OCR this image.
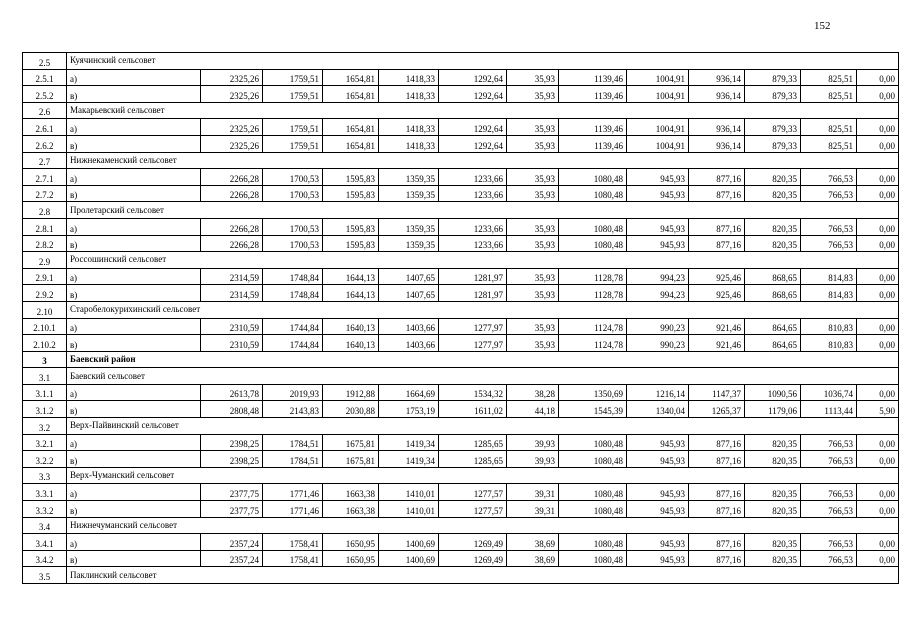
152
2.5	Куячинский сельсовет												
2.5.1	а)	2325,26	1759,51	1654,81	1418,33	1292,64	35,93	1139,46	1004,91	936,14	879,33	825,51	0,00
2.5.2	в)	2325,26	1759,51	1654,81	1418,33	1292,64	35,93	1139,46	1004,91	936,14	879,33	825,51	0,00
2.6	Макарьевский сельсовет												
2.6.1	а)	2325,26	1759,51	1654,81	1418,33	1292,64	35,93	1139,46	1004,91	936,14	879,33	825,51	0,00
2.6.2	в)	2325,26	1759,51	1654,81	1418,33	1292,64	35,93	1139,46	1004,91	936,14	879,33	825,51	0,00
2.7	Нижнекаменский сельсовет												
2.7.1	а)	2266,28	1700,53	1595,83	1359,35	1233,66	35,93	1080,48	945,93	877,16	820,35	766,53	0,00
2.7.2	в)	2266,28	1700,53	1595,83	1359,35	1233,66	35,93	1080,48	945,93	877,16	820,35	766,53	0,00
2.8	Пролетарский сельсовет												
2.8.1	а)	2266,28	1700,53	1595,83	1359,35	1233,66	35,93	1080,48	945,93	877,16	820,35	766,53	0,00
2.8.2	в)	2266,28	1700,53	1595,83	1359,35	1233,66	35,93	1080,48	945,93	877,16	820,35	766,53	0,00
2.9	Россошинский сельсовет												
2.9.1	а)	2314,59	1748,84	1644,13	1407,65	1281,97	35,93	1128,78	994,23	925,46	868,65	814,83	0,00
2.9.2	в)	2314,59	1748,84	1644,13	1407,65	1281,97	35,93	1128,78	994,23	925,46	868,65	814,83	0,00
2.10	Старобелокурихинский сельсовет												
2.10.1	а)	2310,59	1744,84	1640,13	1403,66	1277,97	35,93	1124,78	990,23	921,46	864,65	810,83	0,00
2.10.2	в)	2310,59	1744,84	1640,13	1403,66	1277,97	35,93	1124,78	990,23	921,46	864,65	810,83	0,00
3	Баевский район												
3.1	Баевский сельсовет												
3.1.1	а)	2613,78	2019,93	1912,88	1664,69	1534,32	38,28	1350,69	1216,14	1147,37	1090,56	1036,74	0,00
3.1.2	в)	2808,48	2143,83	2030,88	1753,19	1611,02	44,18	1545,39	1340,04	1265,37	1179,06	1113,44	5,90
3.2	Верх-Пайвинский сельсовет												
3.2.1	а)	2398,25	1784,51	1675,81	1419,34	1285,65	39,93	1080,48	945,93	877,16	820,35	766,53	0,00
3.2.2	в)	2398,25	1784,51	1675,81	1419,34	1285,65	39,93	1080,48	945,93	877,16	820,35	766,53	0,00
3.3	Верх-Чуманский сельсовет												
3.3.1	а)	2377,75	1771,46	1663,38	1410,01	1277,57	39,31	1080,48	945,93	877,16	820,35	766,53	0,00
3.3.2	в)	2377,75	1771,46	1663,38	1410,01	1277,57	39,31	1080,48	945,93	877,16	820,35	766,53	0,00
3.4	Нижнечуманский сельсовет												
3.4.1	а)	2357,24	1758,41	1650,95	1400,69	1269,49	38,69	1080,48	945,93	877,16	820,35	766,53	0,00
3.4.2	в)	2357,24	1758,41	1650,95	1400,69	1269,49	38,69	1080,48	945,93	877,16	820,35	766,53	0,00
3.5	Паклинский сельсовет												
